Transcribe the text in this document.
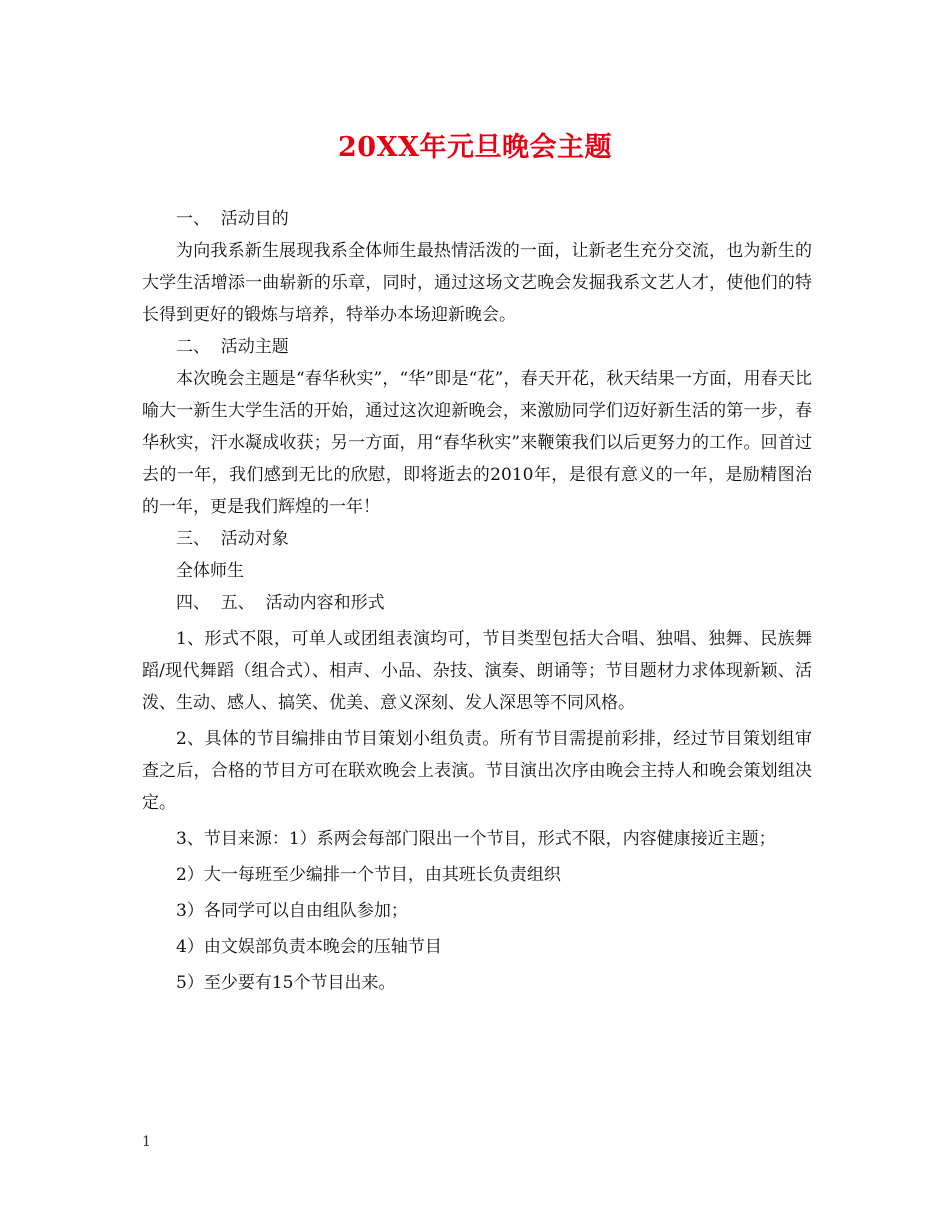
20XX年元旦晚会主题

一、  活动目的

为向我系新生展现我系全体师生最热情活泼的一面，让新老生充分交流，也为新生的大学生活增添一曲崭新的乐章，同时，通过这场文艺晚会发掘我系文艺人才，使他们的特长得到更好的锻炼与培养，特举办本场迎新晚会。

二、  活动主题

本次晚会主题是“春华秋实”，“华”即是“花”，春天开花，秋天结果一方面，用春天比喻大一新生大学生活的开始，通过这次迎新晚会，来激励同学们迈好新生活的第一步，春华秋实，汗水凝成收获；另一方面，用“春华秋实”来鞭策我们以后更努力的工作。回首过去的一年，我们感到无比的欣慰，即将逝去的2010年，是很有意义的一年，是励精图治的一年，更是我们辉煌的一年！

三、  活动对象

全体师生

四、  五、  活动内容和形式

1、形式不限，可单人或团组表演均可，节目类型包括大合唱、独唱、独舞、民族舞蹈/现代舞蹈（组合式）、相声、小品、杂技、演奏、朗诵等；节目题材力求体现新颖、活泼、生动、感人、搞笑、优美、意义深刻、发人深思等不同风格。

2、具体的节目编排由节目策划小组负责。所有节目需提前彩排，经过节目策划组审查之后，合格的节目方可在联欢晚会上表演。节目演出次序由晚会主持人和晚会策划组决定。

3、节目来源：1）系两会每部门限出一个节目，形式不限，内容健康接近主题；

2）大一每班至少编排一个节目，由其班长负责组织

3）各同学可以自由组队参加；

4）由文娱部负责本晚会的压轴节目

5）至少要有15个节目出来。

1
